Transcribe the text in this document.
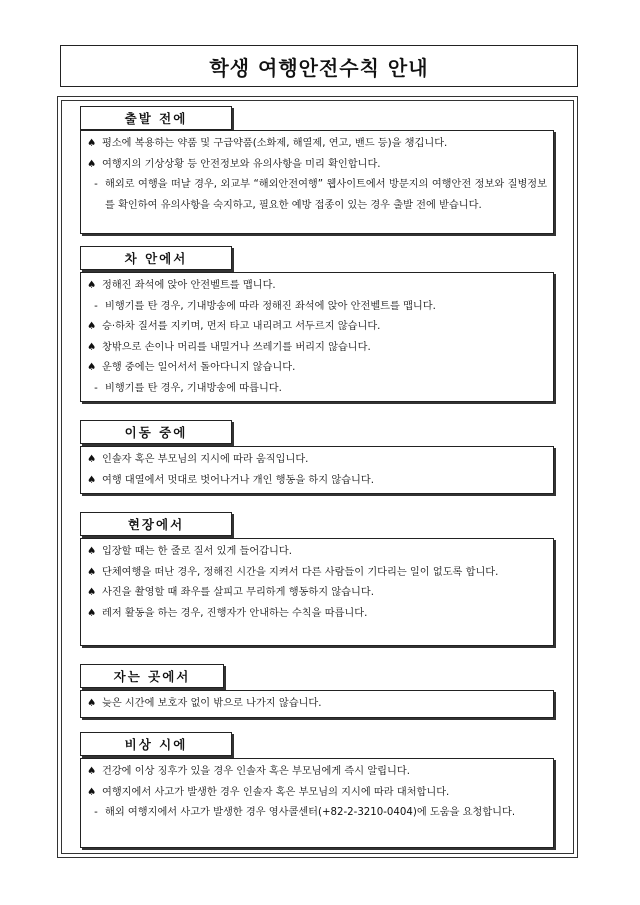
학생 여행안전수칙 안내
출발 전에
♠ 평소에 복용하는 약품 및 구급약품(소화제, 해열제, 연고, 밴드 등)을 챙깁니다.
♠ 여행지의 기상상황 등 안전정보와 유의사항을 미리 확인합니다.
- 해외로 여행을 떠날 경우, 외교부 “해외안전여행” 웹사이트에서 방문지의 여행안전 정보와 질병정보를 확인하여 유의사항을 숙지하고, 필요한 예방 접종이 있는 경우 출발 전에 받습니다.
차 안에서
♠ 정해진 좌석에 앉아 안전벨트를 맵니다.
- 비행기를 탄 경우, 기내방송에 따라 정해진 좌석에 앉아 안전벨트를 맵니다.
♠ 승·하차 질서를 지키며, 먼저 타고 내리려고 서두르지 않습니다.
♠ 창밖으로 손이나 머리를 내밀거나 쓰레기를 버리지 않습니다.
♠ 운행 중에는 일어서서 돌아다니지 않습니다.
- 비행기를 탄 경우, 기내방송에 따릅니다.
이동 중에
♠ 인솔자 혹은 부모님의 지시에 따라 움직입니다.
♠ 여행 대열에서 멋대로 벗어나거나 개인 행동을 하지 않습니다.
현장에서
♠ 입장할 때는 한 줄로 질서 있게 들어갑니다.
♠ 단체여행을 떠난 경우, 정해진 시간을 지켜서 다른 사람들이 기다리는 일이 없도록 합니다.
♠ 사진을 촬영할 때 좌우를 살피고 무리하게 행동하지 않습니다.
♠ 레저 활동을 하는 경우, 진행자가 안내하는 수칙을 따릅니다.
자는 곳에서
♠ 늦은 시간에 보호자 없이 밖으로 나가지 않습니다.
비상 시에
♠ 건강에 이상 징후가 있을 경우 인솔자 혹은 부모님에게 즉시 알립니다.
♠ 여행지에서 사고가 발생한 경우 인솔자 혹은 부모님의 지시에 따라 대처합니다.
- 해외 여행지에서 사고가 발생한 경우 영사콜센터(+82-2-3210-0404)에 도움을 요청합니다.
